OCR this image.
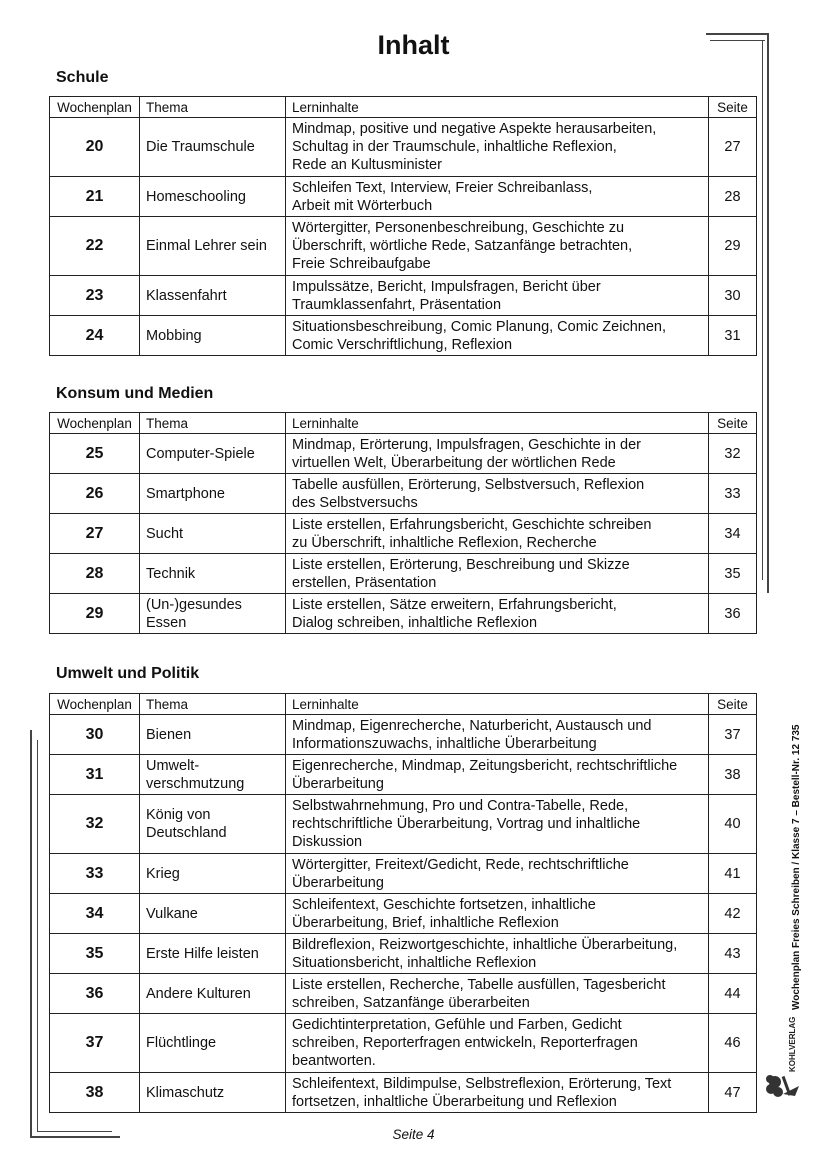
Inhalt
Schule
Wochenplan	Thema	Lerninhalte	Seite
20	Die Traumschule	Mindmap, positive und negative Aspekte herausarbeiten,
Schultag in der Traumschule, inhaltliche Reflexion,
Rede an Kultusminister	27
21	Homeschooling	Schleifen Text, Interview, Freier Schreibanlass,
Arbeit mit Wörterbuch	28
22	Einmal Lehrer sein	Wörtergitter, Personenbeschreibung, Geschichte zu
Überschrift, wörtliche Rede, Satzanfänge betrachten,
Freie Schreibaufgabe	29
23	Klassenfahrt	Impulssätze, Bericht, Impulsfragen, Bericht über
Traumklassenfahrt, Präsentation	30
24	Mobbing	Situationsbeschreibung, Comic Planung, Comic Zeichnen,
Comic Verschriftlichung, Reflexion	31
Konsum und Medien
Wochenplan	Thema	Lerninhalte	Seite
25	Computer-Spiele	Mindmap, Erörterung, Impulsfragen, Geschichte in der
virtuellen Welt, Überarbeitung der wörtlichen Rede	32
26	Smartphone	Tabelle ausfüllen, Erörterung, Selbstversuch, Reflexion
des Selbstversuchs	33
27	Sucht	Liste erstellen, Erfahrungsbericht, Geschichte schreiben
zu Überschrift, inhaltliche Reflexion, Recherche	34
28	Technik	Liste erstellen, Erörterung, Beschreibung und Skizze
erstellen, Präsentation	35
29	(Un-)gesundes
Essen	Liste erstellen, Sätze erweitern, Erfahrungsbericht,
Dialog schreiben, inhaltliche Reflexion	36
Umwelt und Politik
Wochenplan	Thema	Lerninhalte	Seite
30	Bienen	Mindmap, Eigenrecherche, Naturbericht, Austausch und
Informationszuwachs, inhaltliche Überarbeitung	37
31	Umwelt-
verschmutzung	Eigenrecherche, Mindmap, Zeitungsbericht, rechtschriftliche
Überarbeitung	38
32	König von
Deutschland	Selbstwahrnehmung, Pro und Contra-Tabelle, Rede,
rechtschriftliche Überarbeitung, Vortrag und inhaltliche
Diskussion	40
33	Krieg	Wörtergitter, Freitext/Gedicht, Rede, rechtschriftliche
Überarbeitung	41
34	Vulkane	Schleifentext, Geschichte fortsetzen, inhaltliche
Überarbeitung, Brief, inhaltliche Reflexion	42
35	Erste Hilfe leisten	Bildreflexion, Reizwortgeschichte, inhaltliche Überarbeitung,
Situationsbericht, inhaltliche Reflexion	43
36	Andere Kulturen	Liste erstellen, Recherche, Tabelle ausfüllen, Tagesbericht
schreiben, Satzanfänge überarbeiten	44
37	Flüchtlinge	Gedichtinterpretation, Gefühle und Farben, Gedicht
schreiben, Reporterfragen entwickeln, Reporterfragen
beantworten.	46
38	Klimaschutz	Schleifentext, Bildimpulse, Selbstreflexion, Erörterung, Text
fortsetzen, inhaltliche Überarbeitung und Reflexion	47
Seite 4
Wochenplan Freies Schreiben / Klasse 7 – Bestell-Nr. 12 735
KOHLVERLAG
